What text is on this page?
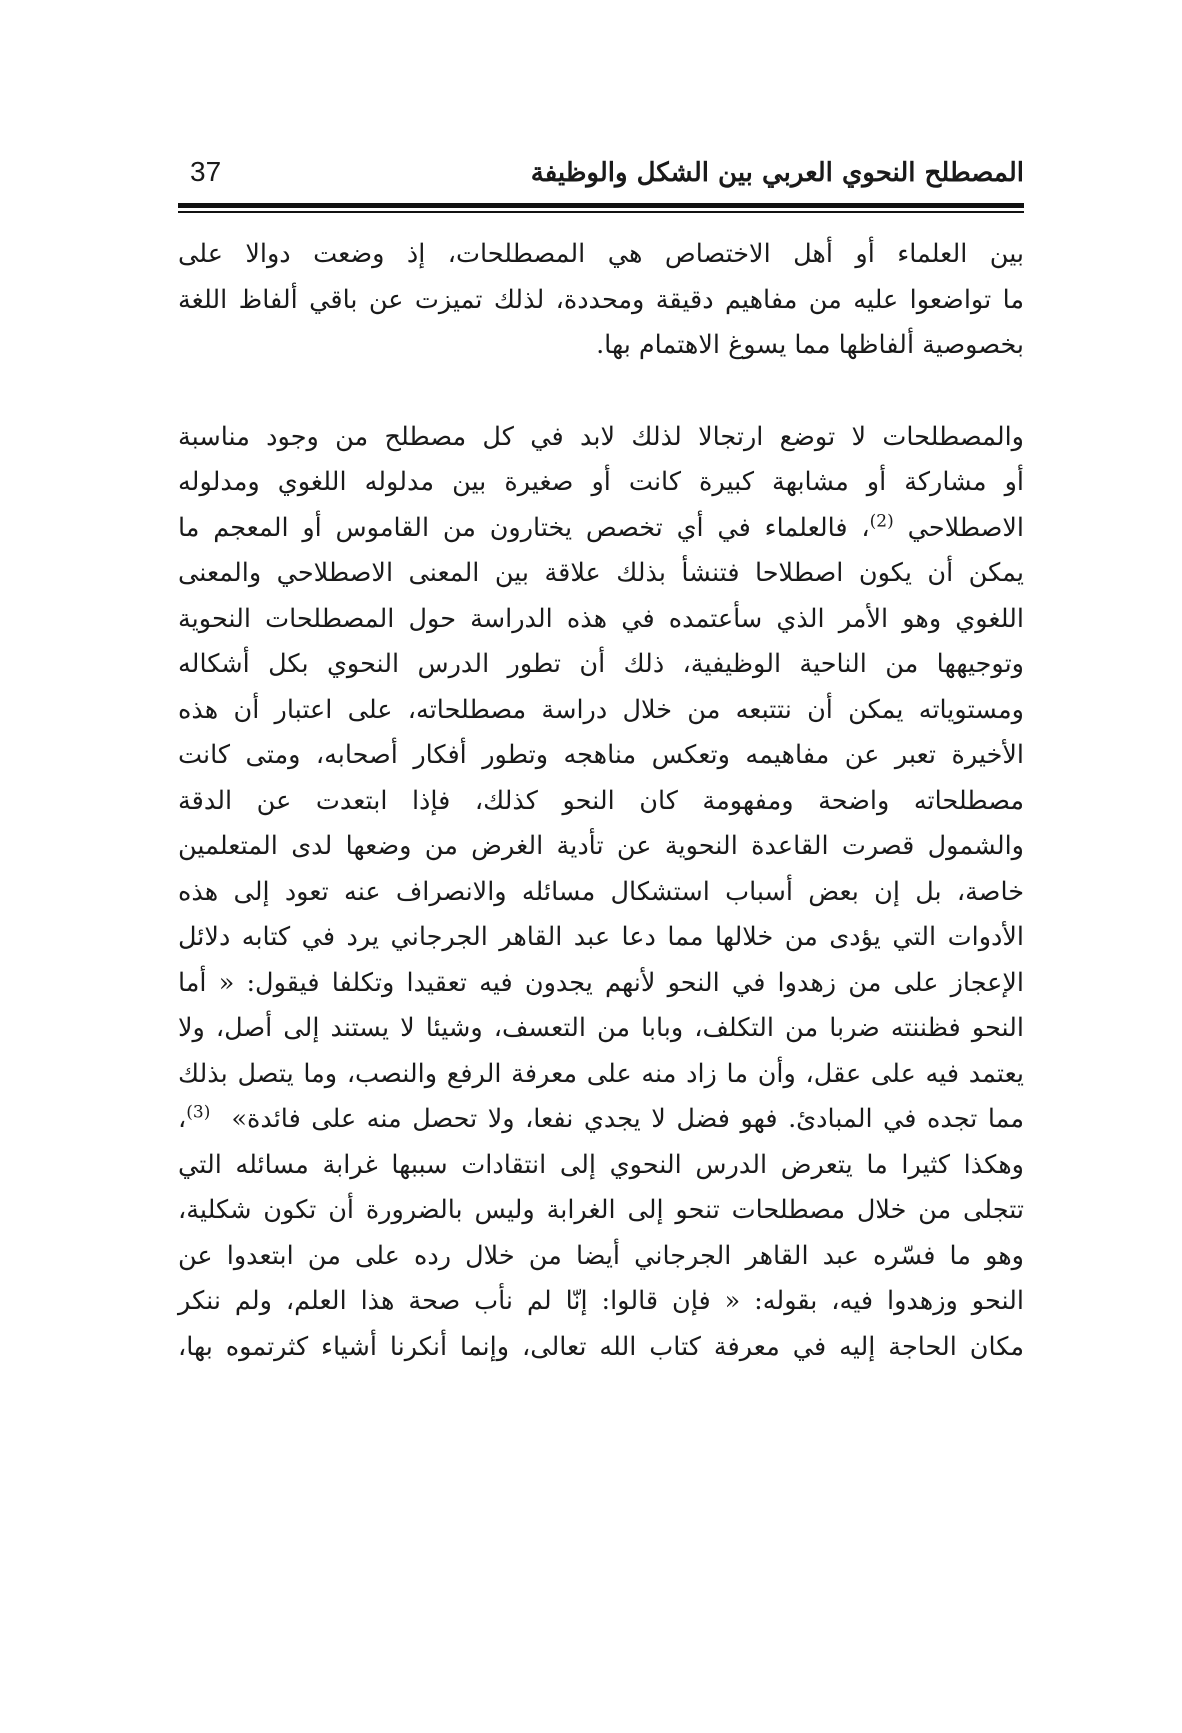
المصطلح النحوي العربي بين الشكل والوظيفة
37
بين العلماء أو أهل الاختصاص هي المصطلحات، إذ وضعت دوالا على
ما تواضعوا عليه من مفاهيم دقيقة ومحددة، لذلك تميزت عن باقي ألفاظ اللغة
بخصوصية ألفاظها مما يسوغ الاهتمام بها.
والمصطلحات لا توضع ارتجالا لذلك لابد في كل مصطلح من وجود مناسبة
أو مشاركة أو مشابهة كبيرة كانت أو صغيرة بين مدلوله اللغوي ومدلوله
الاصطلاحي $^{(2)}$، فالعلماء في أي تخصص يختارون من القاموس أو المعجم ما
يمكن أن يكون اصطلاحا فتنشأ بذلك علاقة بين المعنى الاصطلاحي والمعنى
اللغوي وهو الأمر الذي سأعتمده في هذه الدراسة حول المصطلحات النحوية
وتوجيهها من الناحية الوظيفية، ذلك أن تطور الدرس النحوي بكل أشكاله
ومستوياته يمكن أن نتتبعه من خلال دراسة مصطلحاته، على اعتبار أن هذه
الأخيرة تعبر عن مفاهيمه وتعكس مناهجه وتطور أفكار أصحابه، ومتى كانت
مصطلحاته واضحة ومفهومة كان النحو كذلك، فإذا ابتعدت عن الدقة
والشمول قصرت القاعدة النحوية عن تأدية الغرض من وضعها لدى المتعلمين
خاصة، بل إن بعض أسباب استشكال مسائله والانصراف عنه تعود إلى هذه
الأدوات التي يؤدى من خلالها مما دعا عبد القاهر الجرجاني يرد في كتابه دلائل
الإعجاز على من زهدوا في النحو لأنهم يجدون فيه تعقيدا وتكلفا فيقول: « أما
النحو فظننته ضربا من التكلف، وبابا من التعسف، وشيئا لا يستند إلى أصل، ولا
يعتمد فيه على عقل، وأن ما زاد منه على معرفة الرفع والنصب، وما يتصل بذلك
مما تجده في المبادئ. فهو فضل لا يجدي نفعا، ولا تحصل منه على فائدة»  $^{(3)}$،
وهكذا كثيرا ما يتعرض الدرس النحوي إلى انتقادات سببها غرابة مسائله التي
تتجلى من خلال مصطلحات تنحو إلى الغرابة وليس بالضرورة أن تكون شكلية،
وهو ما فسّره عبد القاهر الجرجاني أيضا من خلال رده على من ابتعدوا عن
النحو وزهدوا فيه، بقوله: « فإن قالوا: إنّا لم نأب صحة هذا العلم، ولم ننكر
مكان الحاجة إليه في معرفة كتاب الله تعالى، وإنما أنكرنا أشياء كثرتموه بها،
